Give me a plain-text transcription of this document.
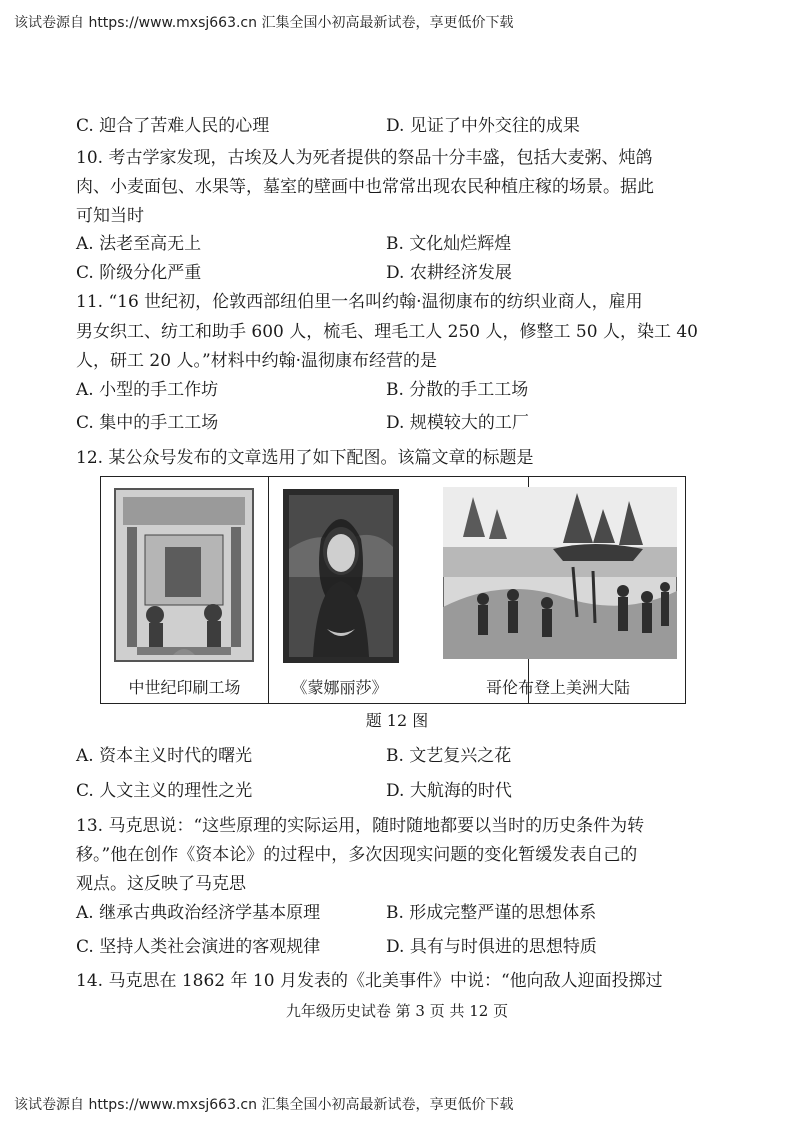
该试卷源自 https://www.mxsj663.cn 汇集全国小初高最新试卷，享更低价下载
C. 迎合了苦难人民的心理	D. 见证了中外交往的成果
10. 考古学家发现，古埃及人为死者提供的祭品十分丰盛，包括大麦粥、炖鸽
肉、小麦面包、水果等，墓室的壁画中也常常出现农民种植庄稼的场景。据此
可知当时
A. 法老至高无上	B. 文化灿烂辉煌
C. 阶级分化严重	D. 农耕经济发展
11. “16 世纪初，伦敦西部纽伯里一名叫约翰·温彻康布的纺织业商人，雇用
男女织工、纺工和助手 600 人，梳毛、理毛工人 250 人，修整工 50 人，染工 40
人，研工 20 人。”材料中约翰·温彻康布经营的是
A. 小型的手工作坊	B. 分散的手工工场
C. 集中的手工工场	D. 规模较大的工厂
12. 某公众号发布的文章选用了如下配图。该篇文章的标题是
中世纪印刷工场	《蒙娜丽莎》	哥伦布登上美洲大陆
题 12 图
A. 资本主义时代的曙光	B. 文艺复兴之花
C. 人文主义的理性之光	D. 大航海的时代
13. 马克思说：“这些原理的实际运用，随时随地都要以当时的历史条件为转
移。”他在创作《资本论》的过程中，多次因现实问题的变化暂缓发表自己的
观点。这反映了马克思
A. 继承古典政治经济学基本原理	B. 形成完整严谨的思想体系
C. 坚持人类社会演进的客观规律	D. 具有与时俱进的思想特质
14. 马克思在 1862 年 10 月发表的《北美事件》中说：“他向敌人迎面投掷过
九年级历史试卷 第 3 页 共 12 页
该试卷源自 https://www.mxsj663.cn 汇集全国小初高最新试卷，享更低价下载
